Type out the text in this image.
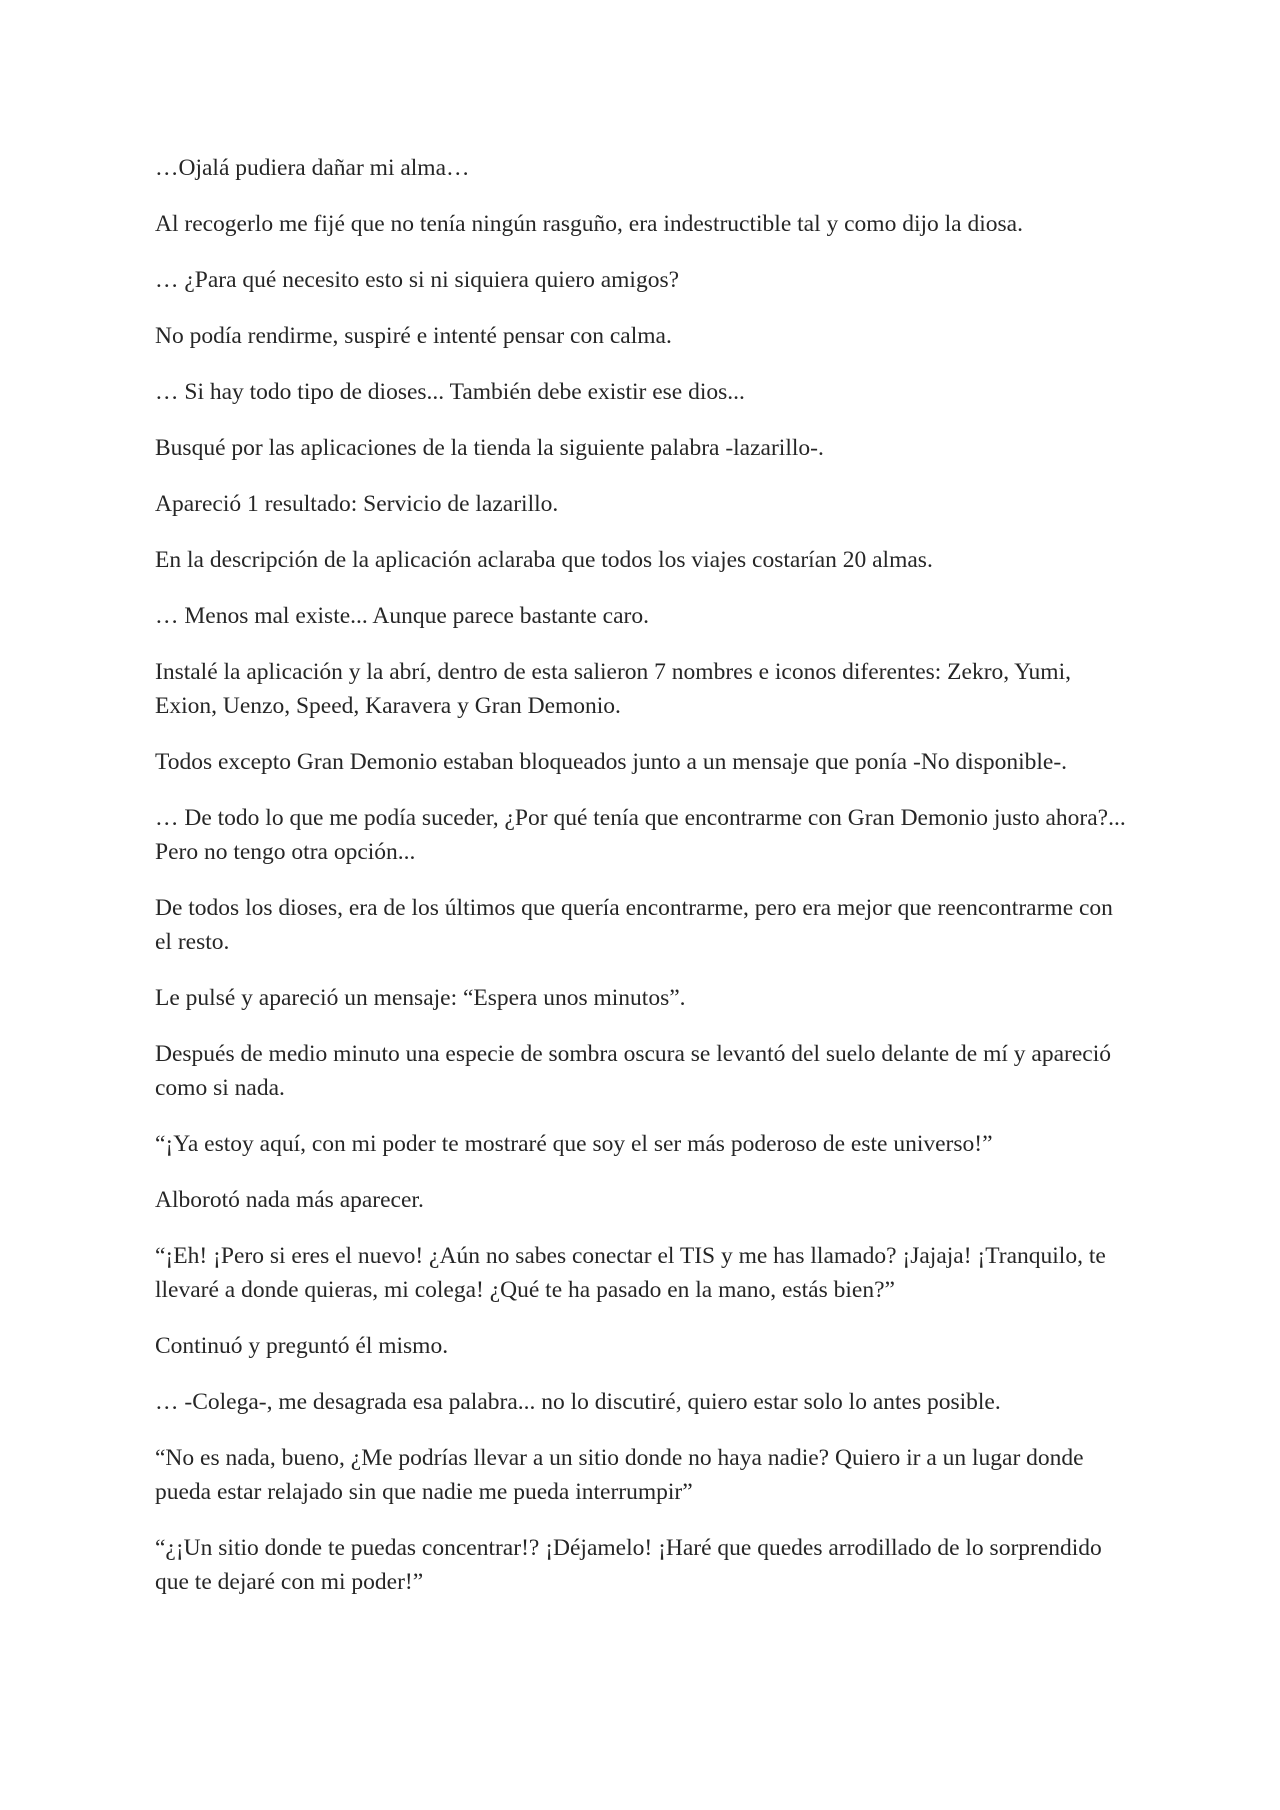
…Ojalá pudiera dañar mi alma…

Al recogerlo me fijé que no tenía ningún rasguño, era indestructible tal y como dijo la diosa.

… ¿Para qué necesito esto si ni siquiera quiero amigos?

No podía rendirme, suspiré e intenté pensar con calma.

… Si hay todo tipo de dioses... También debe existir ese dios...

Busqué por las aplicaciones de la tienda la siguiente palabra -lazarillo-.

Apareció 1 resultado: Servicio de lazarillo.

En la descripción de la aplicación aclaraba que todos los viajes costarían 20 almas.

… Menos mal existe... Aunque parece bastante caro.

Instalé la aplicación y la abrí, dentro de esta salieron 7 nombres e iconos diferentes: Zekro, Yumi, Exion, Uenzo, Speed, Karavera y Gran Demonio.

Todos excepto Gran Demonio estaban bloqueados junto a un mensaje que ponía -No disponible-.

… De todo lo que me podía suceder, ¿Por qué tenía que encontrarme con Gran Demonio justo ahora?... Pero no tengo otra opción...

De todos los dioses, era de los últimos que quería encontrarme, pero era mejor que reencontrarme con el resto.

Le pulsé y apareció un mensaje: “Espera unos minutos”.

Después de medio minuto una especie de sombra oscura se levantó del suelo delante de mí y apareció como si nada.

“¡Ya estoy aquí, con mi poder te mostraré que soy el ser más poderoso de este universo!”

Alborotó nada más aparecer.

“¡Eh! ¡Pero si eres el nuevo! ¿Aún no sabes conectar el TIS y me has llamado? ¡Jajaja! ¡Tranquilo, te llevaré a donde quieras, mi colega! ¿Qué te ha pasado en la mano, estás bien?”

Continuó y preguntó él mismo.

… -Colega-, me desagrada esa palabra... no lo discutiré, quiero estar solo lo antes posible.

“No es nada, bueno, ¿Me podrías llevar a un sitio donde no haya nadie? Quiero ir a un lugar donde pueda estar relajado sin que nadie me pueda interrumpir”

“¿¡Un sitio donde te puedas concentrar!? ¡Déjamelo! ¡Haré que quedes arrodillado de lo sorprendido que te dejaré con mi poder!”
